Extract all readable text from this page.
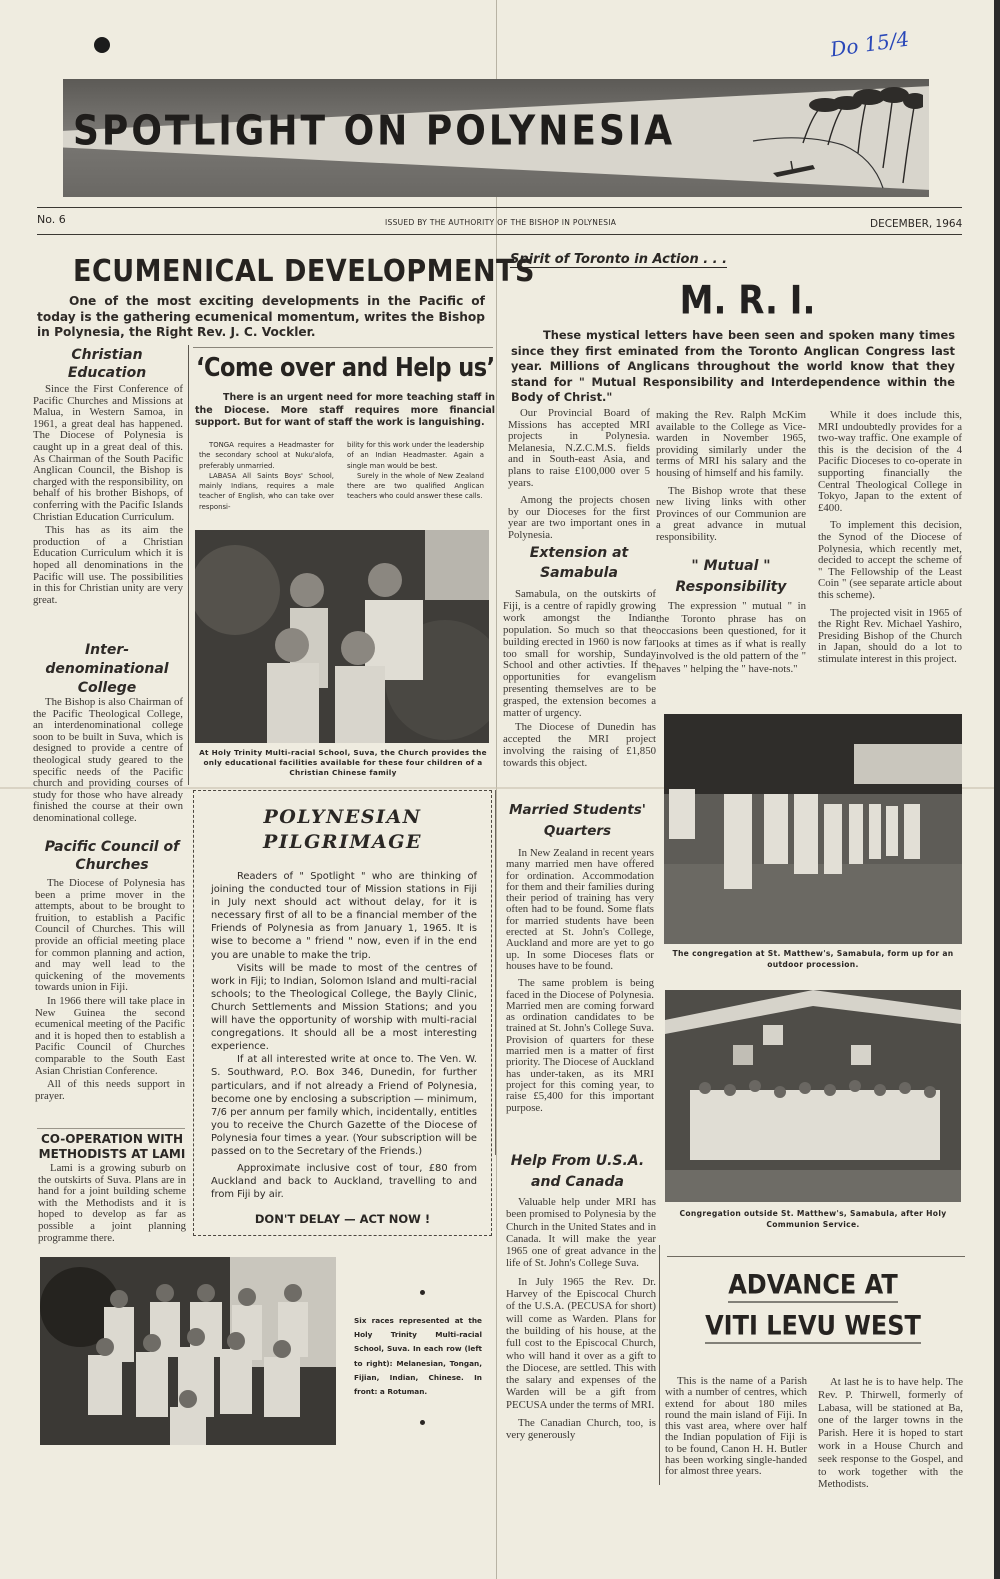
Do 15/4
SPOTLIGHT ON POLYNESIA
No. 6	ISSUED BY THE AUTHORITY OF THE BISHOP IN POLYNESIA	DECEMBER, 1964
ECUMENICAL DEVELOPMENTS
One of the most exciting developments in the Pacific of today is the gathering ecumenical momentum, writes the Bishop in Polynesia, the Right Rev. J. C. Vockler.
Christian Education

Since the First Conference of Pacific Churches and Missions at Malua, in Western Samoa, in 1961, a great deal has happened. The Diocese of Polynesia is caught up in a great deal of this. As Chairman of the South Pacific Anglican Council, the Bishop is charged with the responsibility, on behalf of his brother Bishops, of conferring with the Pacific Islands Christian Education Curriculum.

This has as its aim the production of a Christian Education Curriculum which it is hoped all denominations in the Pacific will use. The possibilities in this for Christian unity are very great.

Inter-denominational College

The Bishop is also Chairman of the Pacific Theological College, an interdenominational college soon to be built in Suva, which is designed to provide a centre of theological study geared to the specific needs of the Pacific church and providing courses of study for those who have already finished the course at their own denominational college.

Pacific Council of Churches

The Diocese of Polynesia has been a prime mover in the attempts, about to be brought to fruition, to establish a Pacific Council of Churches. This will provide an official meeting place for common planning and action, and may well lead to the quickening of the movements towards union in Fiji.

In 1966 there will take place in New Guinea the second ecumenical meeting of the Pacific and it is hoped then to establish a Pacific Council of Churches comparable to the South East Asian Christian Conference.

All of this needs support in prayer.

CO-OPERATION WITH METHODISTS AT LAMI

Lami is a growing suburb on the outskirts of Suva. Plans are in hand for a joint building scheme with the Methodists and it is hoped to develop as far as possible a joint planning programme there.

‘Come over and Help us’
There is an urgent need for more teaching staff in the Diocese. More staff requires more financial support. But for want of staff the work is languishing.

TONGA requires a Headmaster for the secondary school at Nuku'alofa, preferably unmarried.

LABASA All Saints Boys' School, mainly Indians, requires a male teacher of English, who can take over responsi-

bility for this work under the leadership of an Indian Headmaster. Again a single man would be best.

Surely in the whole of New Zealand there are two qualified Anglican teachers who could answer these calls.

At Holy Trinity Multi-racial School, Suva, the Church provides the only educational facilities available for these four children of a Christian Chinese family
POLYNESIAN
PILGRIMAGE

Readers of " Spotlight " who are thinking of joining the conducted tour of Mission stations in Fiji in July next should act without delay, for it is necessary first of all to be a financial member of the Friends of Polynesia as from January 1, 1965. It is wise to become a " friend " now, even if in the end you are unable to make the trip.

Visits will be made to most of the centres of work in Fiji; to Indian, Solomon Island and multi-racial schools; to the Theological College, the Bayly Clinic, Church Settlements and Mission Stations; and you will have the opportunity of worship with multi-racial congregations. It should all be a most interesting experience.

If at all interested write at once to. The Ven. W. S. Southward, P.O. Box 346, Dunedin, for further particulars, and if not already a Friend of Polynesia, become one by enclosing a subscription — minimum, 7/6 per annum per family which, incidentally, entitles you to receive the Church Gazette of the Diocese of Polynesia four times a year. (Your subscription will be passed on to the Secretary of the Friends.)

Approximate inclusive cost of tour, £80 from Auckland and back to Auckland, travelling to and from Fiji by air.

DON'T DELAY — ACT NOW !
Six races represented at the Holy Trinity Multi-racial School, Suva. In each row (left to right): Melanesian, Tongan, Fijian, Indian, Chinese. In front: a Rotuman.
Spirit of Toronto in Action . . .
M. R. I.
These mystical letters have been seen and spoken many times since they first eminated from the Toronto Anglican Congress last year. Millions of Anglicans throughout the world know that they stand for " Mutual Responsibility and Interdependence within the Body of Christ."

Our Provincial Board of Missions has accepted MRI projects in Polynesia. Melanesia, N.Z.C.M.S. fields and in South-east Asia, and plans to raise £100,000 over 5 years.

Among the projects chosen by our Dioceses for the first year are two important ones in Polynesia.

Extension at Samabula

Samabula, on the outskirts of Fiji, is a centre of rapidly growing work amongst the Indian population. So much so that the building erected in 1960 is now far too small for worship, Sunday School and other activties. If the opportunities for evangelism presenting themselves are to be grasped, the extension becomes a matter of urgency.

The Diocese of Dunedin has accepted the MRI project involving the raising of £1,850 towards this object.

making the Rev. Ralph McKim available to the College as Vice-warden in November 1965, providing similarly under the terms of MRI his salary and the housing of himself and his family.

The Bishop wrote that these new living links with other Provinces of our Communion are a great advance in mutual responsibility.

" Mutual "
Responsibility

The expression " mutual " in the Toronto phrase has on occasions been questioned, for it looks at times as if what is really involved is the old pattern of the " haves " helping the " have-nots."

While it does include this, MRI undoubtedly provides for a two-way traffic. One example of this is the decision of the 4 Pacific Dioceses to co-operate in supporting financially the Central Theological College in Tokyo, Japan to the extent of £400.

To implement this decision, the Synod of the Diocese of Polynesia, which recently met, decided to accept the scheme of " The Fellowship of the Least Coin " (see separate article about this scheme).

The projected visit in 1965 of the Right Rev. Michael Yashiro, Presiding Bishop of the Church in Japan, should do a lot to stimulate interest in this project.

The congregation at St. Matthew's, Samabula, form up for an outdoor procession.
Congregation outside St. Matthew's, Samabula, after Holy Communion Service.
Married Students' Quarters

In New Zealand in recent years many married men have offered for ordination. Accommodation for them and their families during their period of training has very often had to be found. Some flats for married students have been erected at St. John's College, Auckland and more are yet to go up. In some Dioceses flats or houses have to be found.

The same problem is being faced in the Diocese of Polynesia. Married men are coming forward as ordination candidates to be trained at St. John's College Suva. Provision of quarters for these married men is a matter of first priority. The Diocese of Auckland has under-taken, as its MRI project for this coming year, to raise £5,400 for this important purpose.

Help From U.S.A. and Canada

Valuable help under MRI has been promised to Polynesia by the Church in the United States and in Canada. It will make the year 1965 one of great advance in the life of St. John's College Suva.

In July 1965 the Rev. Dr. Harvey of the Episcocal Church of the U.S.A. (PECUSA for short) will come as Warden. Plans for the building of his house, at the full cost to the Episcocal Church, who will hand it over as a gift to the Diocese, are settled. This with the salary and expenses of the Warden will be a gift from PECUSA under the terms of MRI.

The Canadian Church, too, is very generously

ADVANCE AT
VITI LEVU WEST
This is the name of a Parish with a number of centres, which extend for about 180 miles round the main island of Fiji. In this vast area, where over half the Indian population of Fiji is to be found, Canon H. H. Butler has been working single-handed for almost three years.
At last he is to have help. The Rev. P. Thirwell, formerly of Labasa, will be stationed at Ba, one of the larger towns in the Parish. Here it is hoped to start work in a House Church and seek response to the Gospel, and to work together with the Methodists.
